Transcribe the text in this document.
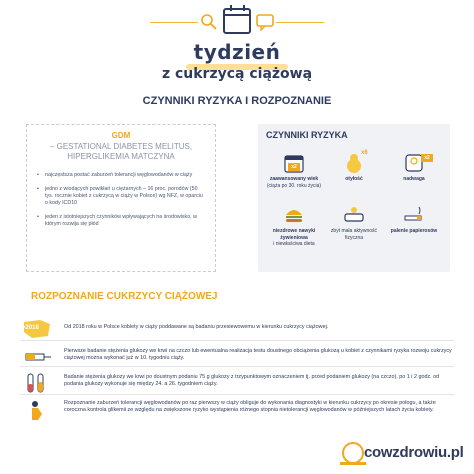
tydzień
z cukrzycą ciążową
CZYNNIKI RYZYKA I ROZPOZNANIE
GDM
– GESTATIONAL DIABETES MELITUS, HIPERGLIKEMIA MATCZYNA
• najczęstsza postać zaburzeń tolerancji węglowodanów w ciąży
• jedno z wiodących powikłań u ciężarnych – 16 proc. porodów (50 tys. rocznie kobiet z cukrzycą w ciąży w Polsce) wg NFZ, w oparciu o kody ICD10
• jeden z istotniejszych czynników wpływających na środowisko, w którym rozwija się płód
CZYNNIKI RYZYKA
x2
zaawansowany wiek
(ciąża po 30. roku życia)
x6
otyłość
x2
nadwaga
niezdrowe nawyki żywieniowa
i niewłaściwa dieta
zbyt mała aktywność fizyczna
palenie papierosów
ROZPOZNANIE CUKRZYCY CIĄŻOWEJ
>2018	Od 2018 roku w Polsce kobiety w ciąży poddawane są badaniu przesiewowemu w kierunku cukrzycy ciążowej.
Pierwsze badanie stężenia glukozy we krwi na czczo lub ewentualna realizacja testu doustnego obciążenia glukozą u kobiet z czynnikami ryzyka rozwoju cukrzycy ciążowej można wykonać już w 10. tygodniu ciąży.
Badanie stężenia glukozy we krwi po doustnym podaniu 75 g glukozy z trzypunktowym oznaczeniem tj. przed podaniem glukozy (na czczo), po 1 i 2 godz. od podania glukozy wykonuje się między 24. a 26. tygodniem ciąży.
Rozpoznanie zaburzeń tolerancji węglowodanów po raz pierwszy w ciąży obliguje do wykonania diagnostyki w kierunku cukrzycy po okresie połogu, a także coroczna kontrola glikemii ze względu na zwiększone ryzyko wystąpienia różnego stopnia nietolerancji węglowodanów w późniejszych latach życia kobiety.
cowzdrowiu.pl
